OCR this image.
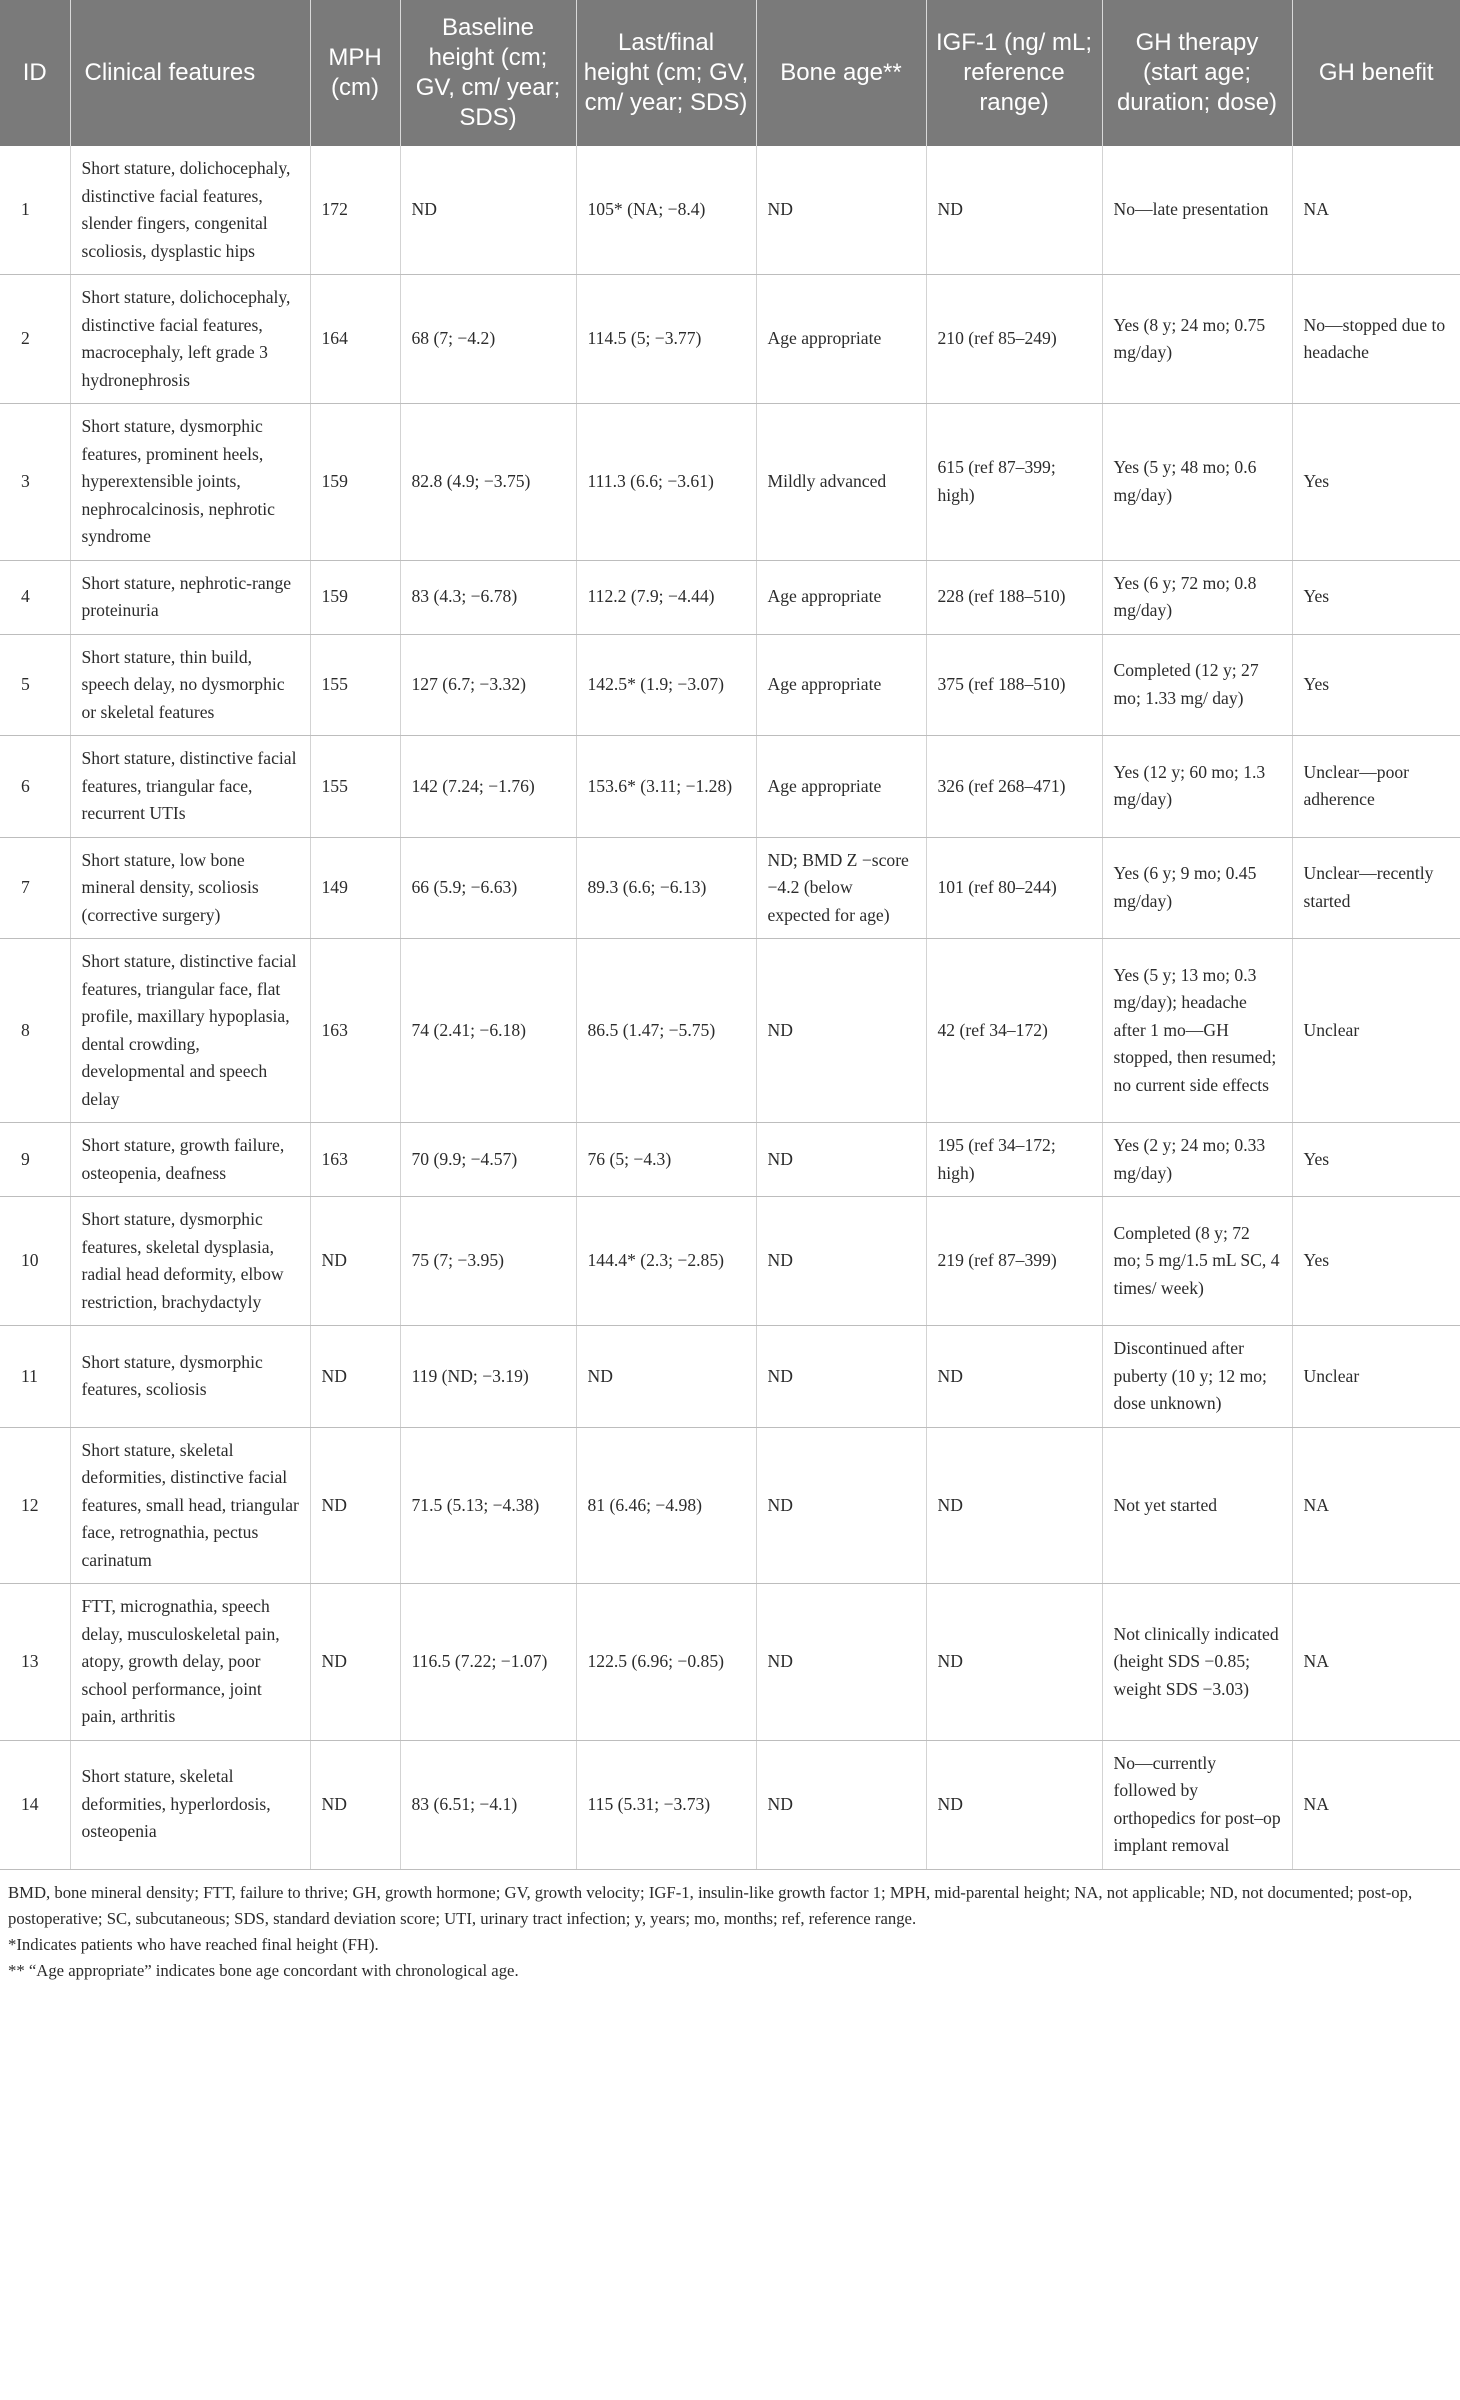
ID	Clinical features	MPH (cm)	Baseline height (cm; GV, cm/ year; SDS)	Last/final height (cm; GV, cm/ year; SDS)	Bone age**	IGF-1 (ng/ mL; reference range)	GH therapy (start age; duration; dose)	GH benefit
1	Short stature, dolichocephaly, distinctive facial features, slender fingers, congenital scoliosis, dysplastic hips	172	ND	105* (NA; −8.4)	ND	ND	No—late presentation	NA
2	Short stature, dolichocephaly, distinctive facial features, macrocephaly, left grade 3 hydronephrosis	164	68 (7; −4.2)	114.5 (5; −3.77)	Age appropriate	210 (ref 85–249)	Yes (8 y; 24 mo; 0.75 mg/day)	No—stopped due to headache
3	Short stature, dysmorphic features, prominent heels, hyperextensible joints, nephrocalcinosis, nephrotic syndrome	159	82.8 (4.9; −3.75)	111.3 (6.6; −3.61)	Mildly advanced	615 (ref 87–399; high)	Yes (5 y; 48 mo; 0.6 mg/day)	Yes
4	Short stature, nephrotic-range proteinuria	159	83 (4.3; −6.78)	112.2 (7.9; −4.44)	Age appropriate	228 (ref 188–510)	Yes (6 y; 72 mo; 0.8 mg/day)	Yes
5	Short stature, thin build, speech delay, no dysmorphic or skeletal features	155	127 (6.7; −3.32)	142.5* (1.9; −3.07)	Age appropriate	375 (ref 188–510)	Completed (12 y; 27 mo; 1.33 mg/ day)	Yes
6	Short stature, distinctive facial features, triangular face, recurrent UTIs	155	142 (7.24; −1.76)	153.6* (3.11; −1.28)	Age appropriate	326 (ref 268–471)	Yes (12 y; 60 mo; 1.3 mg/day)	Unclear—poor adherence
7	Short stature, low bone mineral density, scoliosis (corrective surgery)	149	66 (5.9; −6.63)	89.3 (6.6; −6.13)	ND; BMD Z −score −4.2 (below expected for age)	101 (ref 80–244)	Yes (6 y; 9 mo; 0.45 mg/day)	Unclear—recently started
8	Short stature, distinctive facial features, triangular face, flat profile, maxillary hypoplasia, dental crowding, developmental and speech delay	163	74 (2.41; −6.18)	86.5 (1.47; −5.75)	ND	42 (ref 34–172)	Yes (5 y; 13 mo; 0.3 mg/day); headache after 1 mo—GH stopped, then resumed; no current side effects	Unclear
9	Short stature, growth failure, osteopenia, deafness	163	70 (9.9; −4.57)	76 (5; −4.3)	ND	195 (ref 34–172; high)	Yes (2 y; 24 mo; 0.33 mg/day)	Yes
10	Short stature, dysmorphic features, skeletal dysplasia, radial head deformity, elbow restriction, brachydactyly	ND	75 (7; −3.95)	144.4* (2.3; −2.85)	ND	219 (ref 87–399)	Completed (8 y; 72 mo; 5 mg/1.5 mL SC, 4 times/ week)	Yes
11	Short stature, dysmorphic features, scoliosis	ND	119 (ND; −3.19)	ND	ND	ND	Discontinued after puberty (10 y; 12 mo; dose unknown)	Unclear
12	Short stature, skeletal deformities, distinctive facial features, small head, triangular face, retrognathia, pectus carinatum	ND	71.5 (5.13; −4.38)	81 (6.46; −4.98)	ND	ND	Not yet started	NA
13	FTT, micrognathia, speech delay, musculoskeletal pain, atopy, growth delay, poor school performance, joint pain, arthritis	ND	116.5 (7.22; −1.07)	122.5 (6.96; −0.85)	ND	ND	Not clinically indicated (height SDS −0.85; weight SDS −3.03)	NA
14	Short stature, skeletal deformities, hyperlordosis, osteopenia	ND	83 (6.51; −4.1)	115 (5.31; −3.73)	ND	ND	No—currently followed by orthopedics for post–op implant removal	NA

BMD, bone mineral density; FTT, failure to thrive; GH, growth hormone; GV, growth velocity; IGF-1, insulin-like growth factor 1; MPH, mid-parental height; NA, not applicable; ND, not documented; post-op, postoperative; SC, subcutaneous; SDS, standard deviation score; UTI, urinary tract infection; y, years; mo, months; ref, reference range.

*Indicates patients who have reached final height (FH).

** “Age appropriate” indicates bone age concordant with chronological age.
